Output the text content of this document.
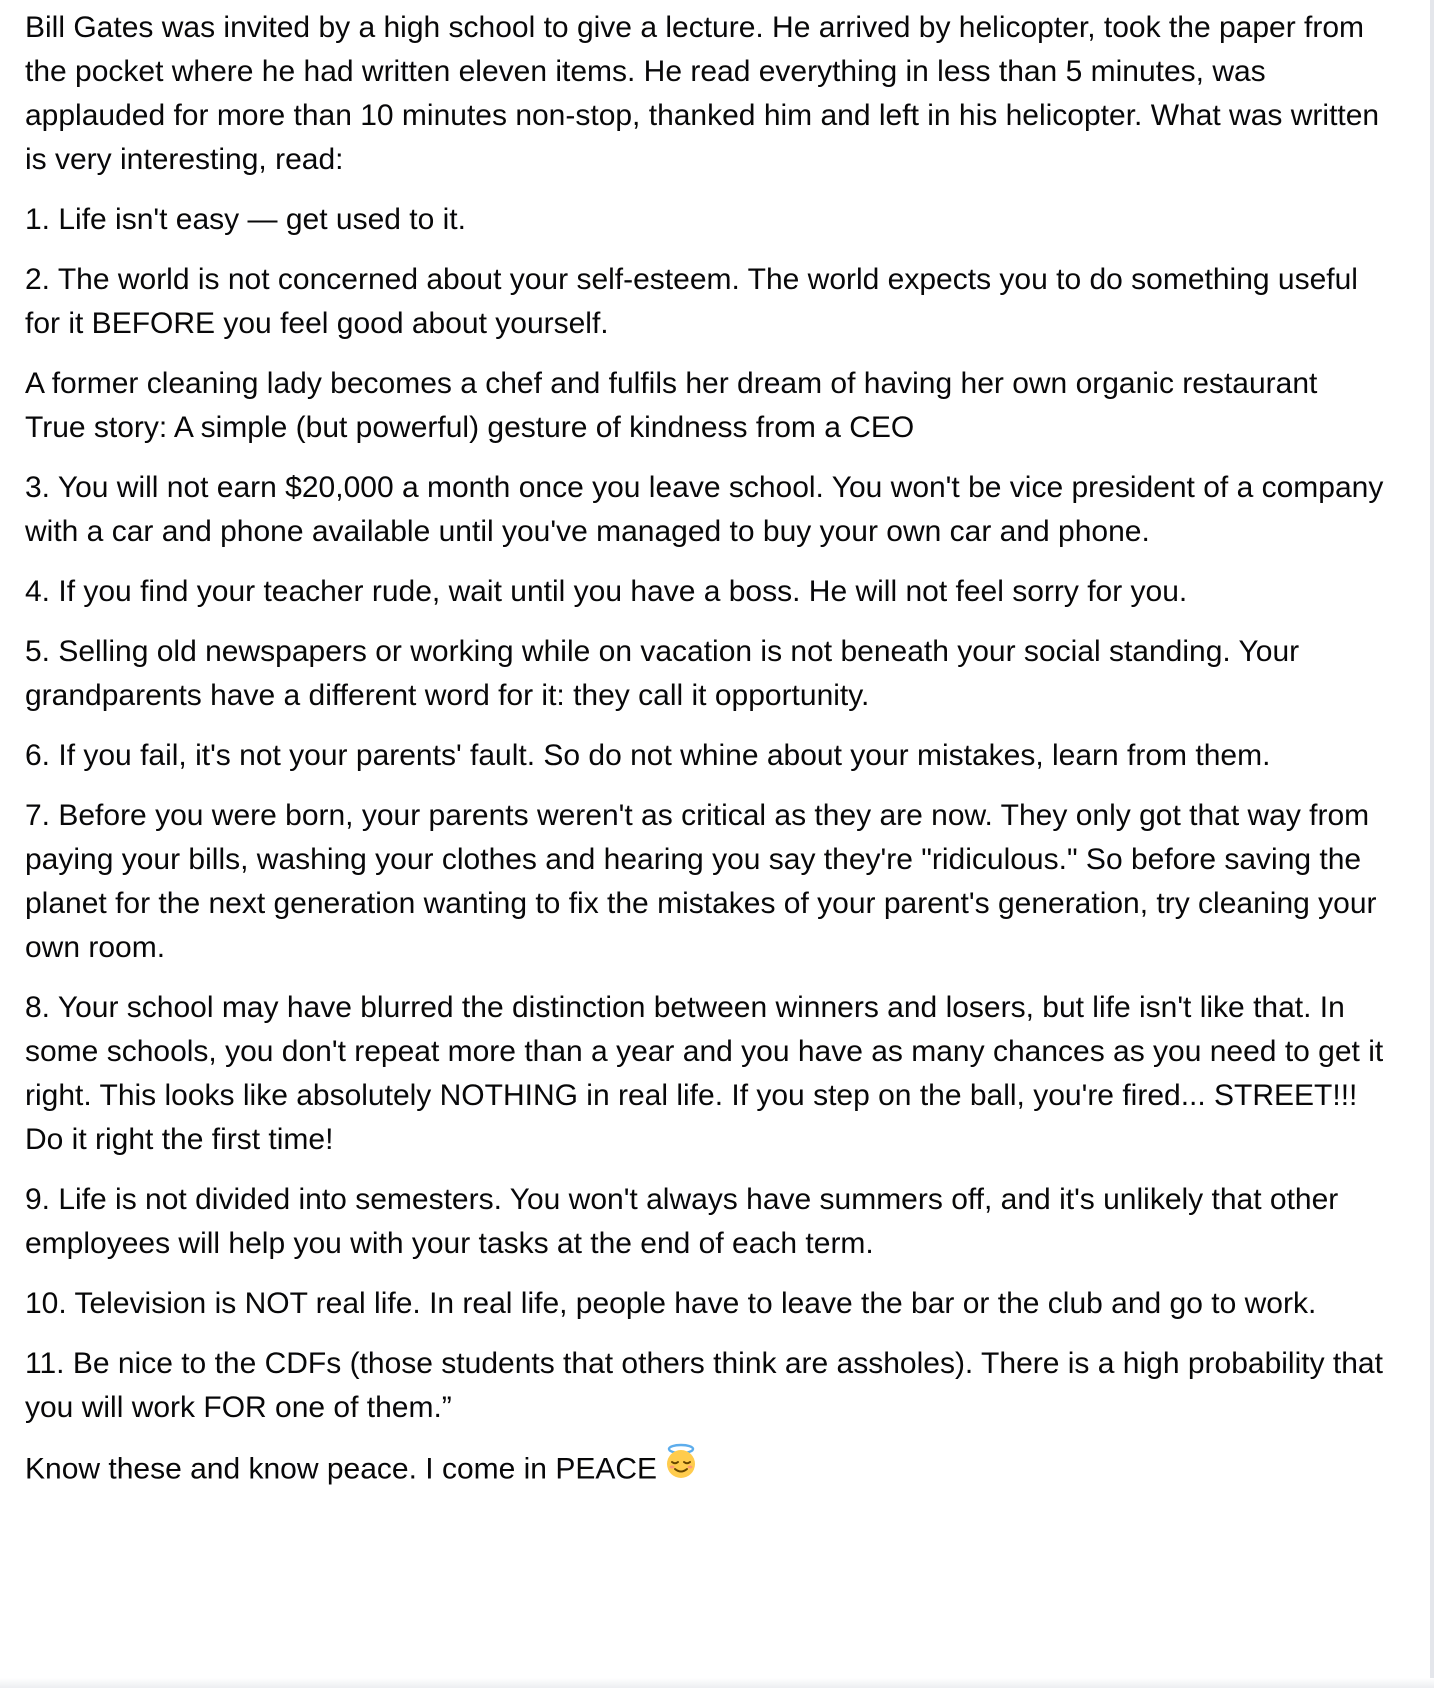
Bill Gates was invited by a high school to give a lecture. He arrived by helicopter, took the paper from the pocket where he had written eleven items. He read everything in less than 5 minutes, was applauded for more than 10 minutes non-stop, thanked him and left in his helicopter. What was written is very interesting, read:

1. Life isn't easy — get used to it.

2. The world is not concerned about your self-esteem. The world expects you to do something useful for it BEFORE you feel good about yourself.

A former cleaning lady becomes a chef and fulfils her dream of having her own organic restaurant
True story: A simple (but powerful) gesture of kindness from a CEO

3. You will not earn $20,000 a month once you leave school. You won't be vice president of a company with a car and phone available until you've managed to buy your own car and phone.

4. If you find your teacher rude, wait until you have a boss. He will not feel sorry for you.

5. Selling old newspapers or working while on vacation is not beneath your social standing. Your grandparents have a different word for it: they call it opportunity.

6. If you fail, it's not your parents' fault. So do not whine about your mistakes, learn from them.

7. Before you were born, your parents weren't as critical as they are now. They only got that way from paying your bills, washing your clothes and hearing you say they're "ridiculous." So before saving the planet for the next generation wanting to fix the mistakes of your parent's generation, try cleaning your own room.

8. Your school may have blurred the distinction between winners and losers, but life isn't like that. In some schools, you don't repeat more than a year and you have as many chances as you need to get it right. This looks like absolutely NOTHING in real life. If you step on the ball, you're fired... STREET!!! Do it right the first time!

9. Life is not divided into semesters. You won't always have summers off, and it's unlikely that other employees will help you with your tasks at the end of each term.

10. Television is NOT real life. In real life, people have to leave the bar or the club and go to work.

11. Be nice to the CDFs (those students that others think are assholes). There is a high probability that you will work FOR one of them.”

Know these and know peace. I come in PEACE
